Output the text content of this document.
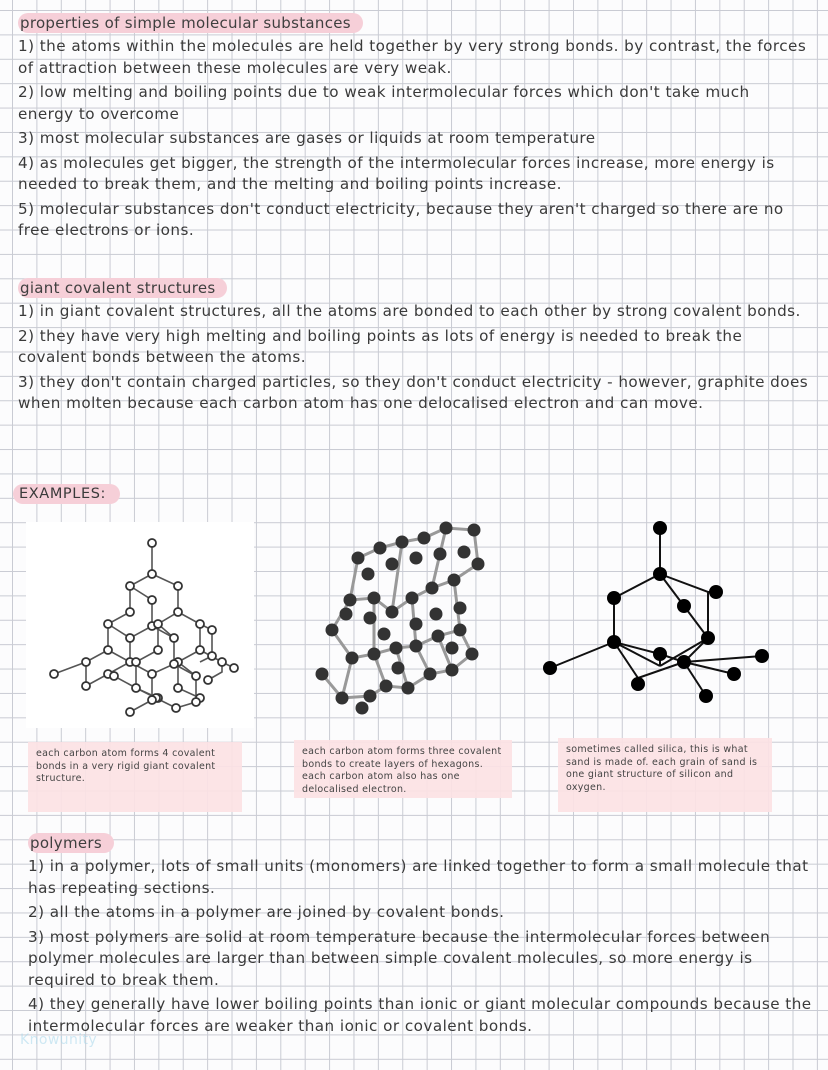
properties of simple molecular substances

1) the atoms within the molecules are held together by very strong bonds. by contrast, the forces of attraction between these molecules are very weak.

2) low melting and boiling points due to weak intermolecular forces which don't take much energy to overcome

3) most molecular substances are gases or liquids at room temperature

4) as molecules get bigger, the strength of the intermolecular forces increase, more energy is needed to break them, and the melting and boiling points increase.

5) molecular substances don't conduct electricity, because they aren't charged so there are no free electrons or ions.

giant covalent structures

1) in giant covalent structures, all the atoms are bonded to each other by strong covalent bonds.

2) they have very high melting and boiling points as lots of energy is needed to break the covalent bonds between the atoms.

3) they don't contain charged particles, so they don't conduct electricity - however, graphite does when molten because each carbon atom has one delocalised electron and can move.

EXAMPLES:
each carbon atom forms 4 covalent bonds in a very rigid giant covalent structure.
each carbon atom forms three covalent bonds to create layers of hexagons. each carbon atom also has one delocalised electron.
sometimes called silica, this is what sand is made of. each grain of sand is one giant structure of silicon and oxygen.
polymers

1) in a polymer, lots of small units (monomers) are linked together to form a small molecule that has repeating sections.

2) all the atoms in a polymer are joined by covalent bonds.

3) most polymers are solid at room temperature because the intermolecular forces between polymer molecules are larger than between simple covalent molecules, so more energy is required to break them.

4) they generally have lower boiling points than ionic or giant molecular compounds because the intermolecular forces are weaker than ionic or covalent bonds.

Knowunity
